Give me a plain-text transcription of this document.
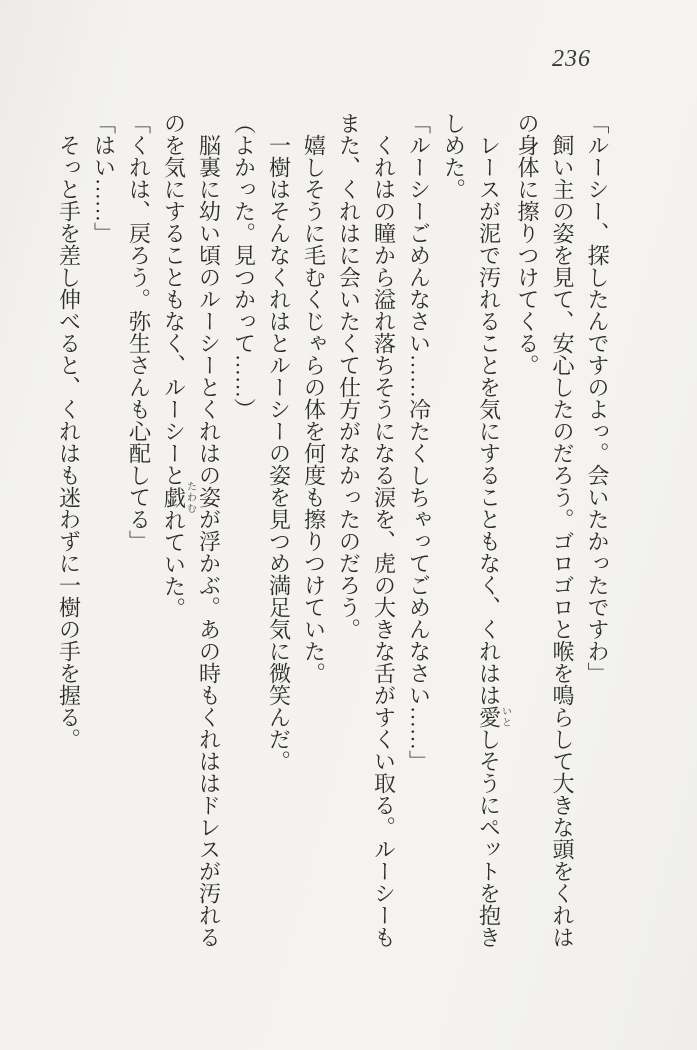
236

「ルーシー、探したんですのよっ。会いたかったですわ」

飼い主の姿を見て、安心したのだろう。ゴロゴロと喉を鳴らして大きな頭をくれはの身体に擦りつけてくる。

レースが泥で汚れることを気にすることもなく、くれはは愛いとしそうにペットを抱きしめた。

「ルーシーごめんなさい……冷たくしちゃってごめんなさい……」

くれはの瞳から溢れ落ちそうになる涙を、虎の大きな舌がすくい取る。ルーシーもまた、くれはに会いたくて仕方がなかったのだろう。

嬉しそうに毛むくじゃらの体を何度も擦りつけていた。

一樹はそんなくれはとルーシーの姿を見つめ満足気に微笑んだ。

（よかった。見つかって……）

脳裏に幼い頃のルーシーとくれはの姿が浮かぶ。あの時もくれははドレスが汚れるのを気にすることもなく、ルーシーと戯たわむれていた。

「くれは、戻ろう。弥生さんも心配してる」

「はい……」

そっと手を差し伸べると、くれはも迷わずに一樹の手を握る。
